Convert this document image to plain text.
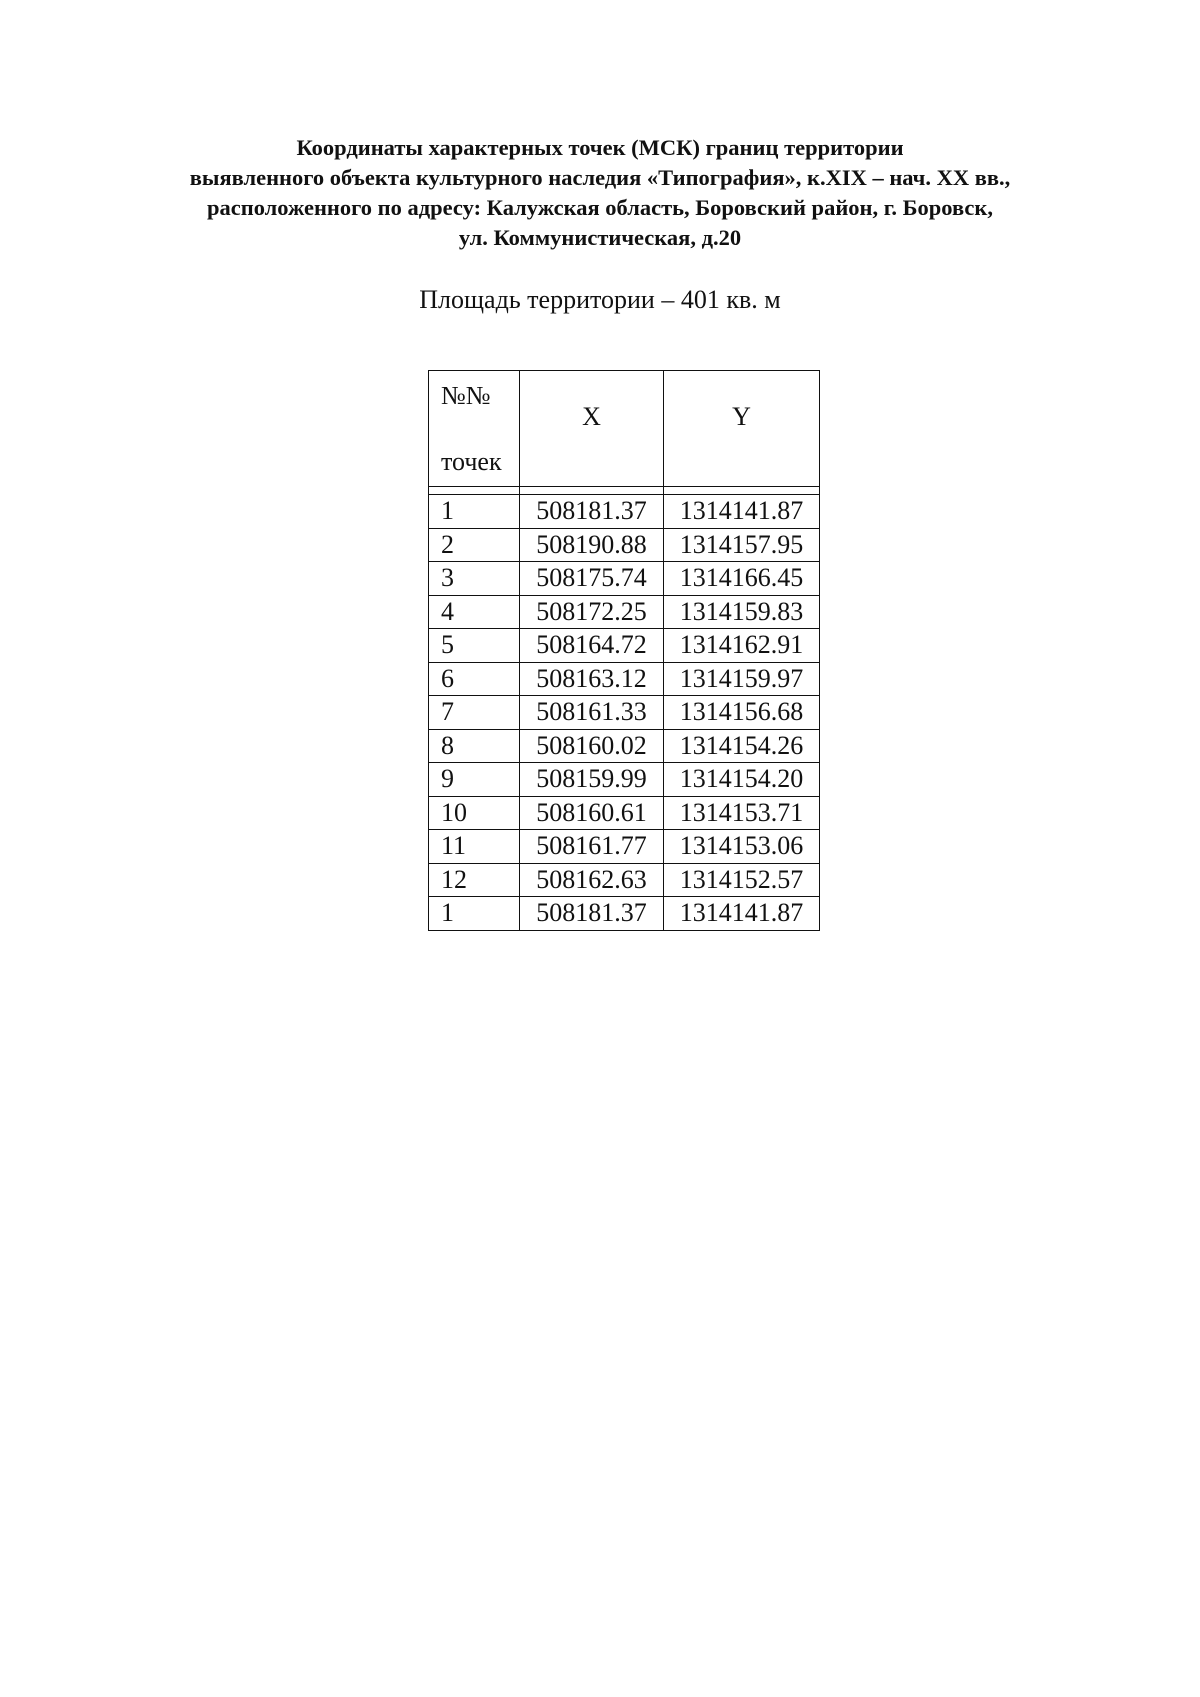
Координаты характерных точек (МСК) границ территории
выявленного объекта культурного наследия «Типография», к.XIX – нач. XX вв.,
расположенного по адресу: Калужская область, Боровский район, г. Боровск,
ул. Коммунистическая, д.20
Площадь территории – 401 кв. м
№№
точек	X	Y

1	508181.37	1314141.87
2	508190.88	1314157.95
3	508175.74	1314166.45
4	508172.25	1314159.83
5	508164.72	1314162.91
6	508163.12	1314159.97
7	508161.33	1314156.68
8	508160.02	1314154.26
9	508159.99	1314154.20
10	508160.61	1314153.71
11	508161.77	1314153.06
12	508162.63	1314152.57
1	508181.37	1314141.87
